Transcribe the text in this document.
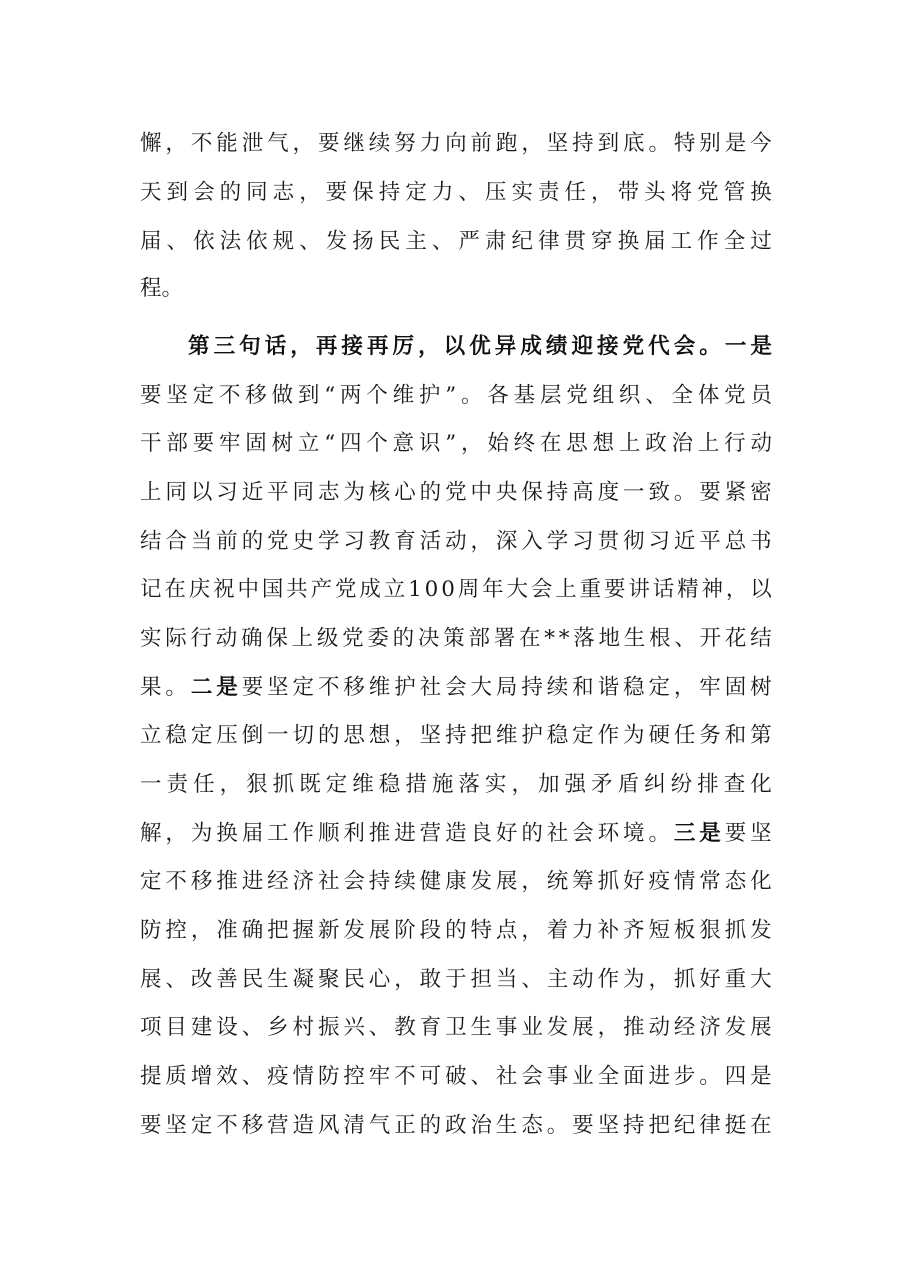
懈 ， 不 能 泄 气 ， 要 继 续 努 力 向 前 跑 ， 坚 持 到 底 。 特 别 是 今
天 到 会 的 同 志 ， 要 保 持 定 力 、 压 实 责 任 ， 带 头 将 党 管 换
届 、 依 法 依 规 、 发 扬 民 主 、 严 肃 纪 律 贯 穿 换 届 工 作 全 过
程。
第 三 句 话 ， 再 接 再 厉 ， 以 优 异 成 绩 迎 接 党 代 会 。 一 是
要 坚 定 不 移 做 到 “ 两 个 维 护 ” 。 各 基 层 党 组 织 、 全 体 党 员
干 部 要 牢 固 树 立 “ 四 个 意 识 ” ， 始 终 在 思 想 上 政 治 上 行 动
上 同 以 习 近 平 同 志 为 核 心 的 党 中 央 保 持 高 度 一 致 。 要 紧 密
结 合 当 前 的 党 史 学 习 教 育 活 动 ， 深 入 学 习 贯 彻 习 近 平 总 书
记 在 庆 祝 中 国 共 产 党 成 立 1 0 0 周 年 大 会 上 重 要 讲 话 精 神 ， 以
实 际 行 动 确 保 上 级 党 委 的 决 策 部 署 在 * * 落 地 生 根 、 开 花 结
果 。 二 是 要 坚 定 不 移 维 护 社 会 大 局 持 续 和 谐 稳 定 ， 牢 固 树
立 稳 定 压 倒 一 切 的 思 想 ， 坚 持 把 维 护 稳 定 作 为 硬 任 务 和 第
一 责 任 ， 狠 抓 既 定 维 稳 措 施 落 实 ， 加 强 矛 盾 纠 纷 排 查 化
解 ， 为 换 届 工 作 顺 利 推 进 营 造 良 好 的 社 会 环 境 。 三 是 要 坚
定 不 移 推 进 经 济 社 会 持 续 健 康 发 展 ， 统 筹 抓 好 疫 情 常 态 化
防 控 ， 准 确 把 握 新 发 展 阶 段 的 特 点 ， 着 力 补 齐 短 板 狠 抓 发
展 、 改 善 民 生 凝 聚 民 心 ， 敢 于 担 当 、 主 动 作 为 ， 抓 好 重 大
项 目 建 设 、 乡 村 振 兴 、 教 育 卫 生 事 业 发 展 ， 推 动 经 济 发 展
提 质 增 效 、 疫 情 防 控 牢 不 可 破 、 社 会 事 业 全 面 进 步 。 四 是
要 坚 定 不 移 营 造 风 清 气 正 的 政 治 生 态 。 要 坚 持 把 纪 律 挺 在
